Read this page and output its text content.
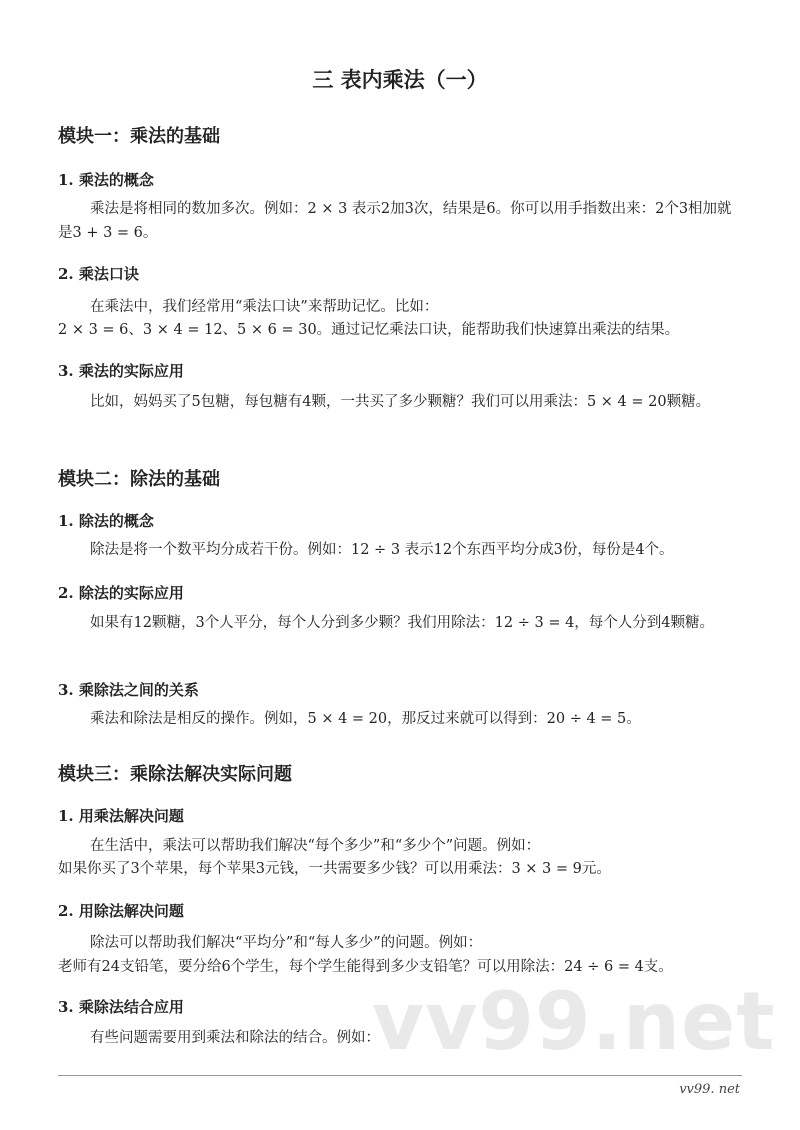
vv99.net
三 表内乘法（一）
模块一：乘法的基础
1. 乘法的概念
乘法是将相同的数加多次。例如：2 × 3 表示2加3次，结果是6。你可以用手指数出来：2个3相加就是3 + 3 = 6。
2. 乘法口诀
在乘法中，我们经常用“乘法口诀”来帮助记忆。比如：
2 × 3 = 6、3 × 4 = 12、5 × 6 = 30。通过记忆乘法口诀，能帮助我们快速算出乘法的结果。
3. 乘法的实际应用
比如，妈妈买了5包糖，每包糖有4颗，一共买了多少颗糖？我们可以用乘法：5 × 4 = 20颗糖。
模块二：除法的基础
1. 除法的概念
除法是将一个数平均分成若干份。例如：12 ÷ 3 表示12个东西平均分成3份，每份是4个。
2. 除法的实际应用
如果有12颗糖，3个人平分，每个人分到多少颗？我们用除法：12 ÷ 3 = 4，每个人分到4颗糖。
3. 乘除法之间的关系
乘法和除法是相反的操作。例如，5 × 4 = 20，那反过来就可以得到：20 ÷ 4 = 5。
模块三：乘除法解决实际问题
1. 用乘法解决问题
在生活中，乘法可以帮助我们解决“每个多少”和“多少个”问题。例如：
如果你买了3个苹果，每个苹果3元钱，一共需要多少钱？可以用乘法：3 × 3 = 9元。
2. 用除法解决问题
除法可以帮助我们解决“平均分”和“每人多少”的问题。例如：
老师有24支铅笔，要分给6个学生，每个学生能得到多少支铅笔？可以用除法：24 ÷ 6 = 4支。
3. 乘除法结合应用
有些问题需要用到乘法和除法的结合。例如：
vv99. net
